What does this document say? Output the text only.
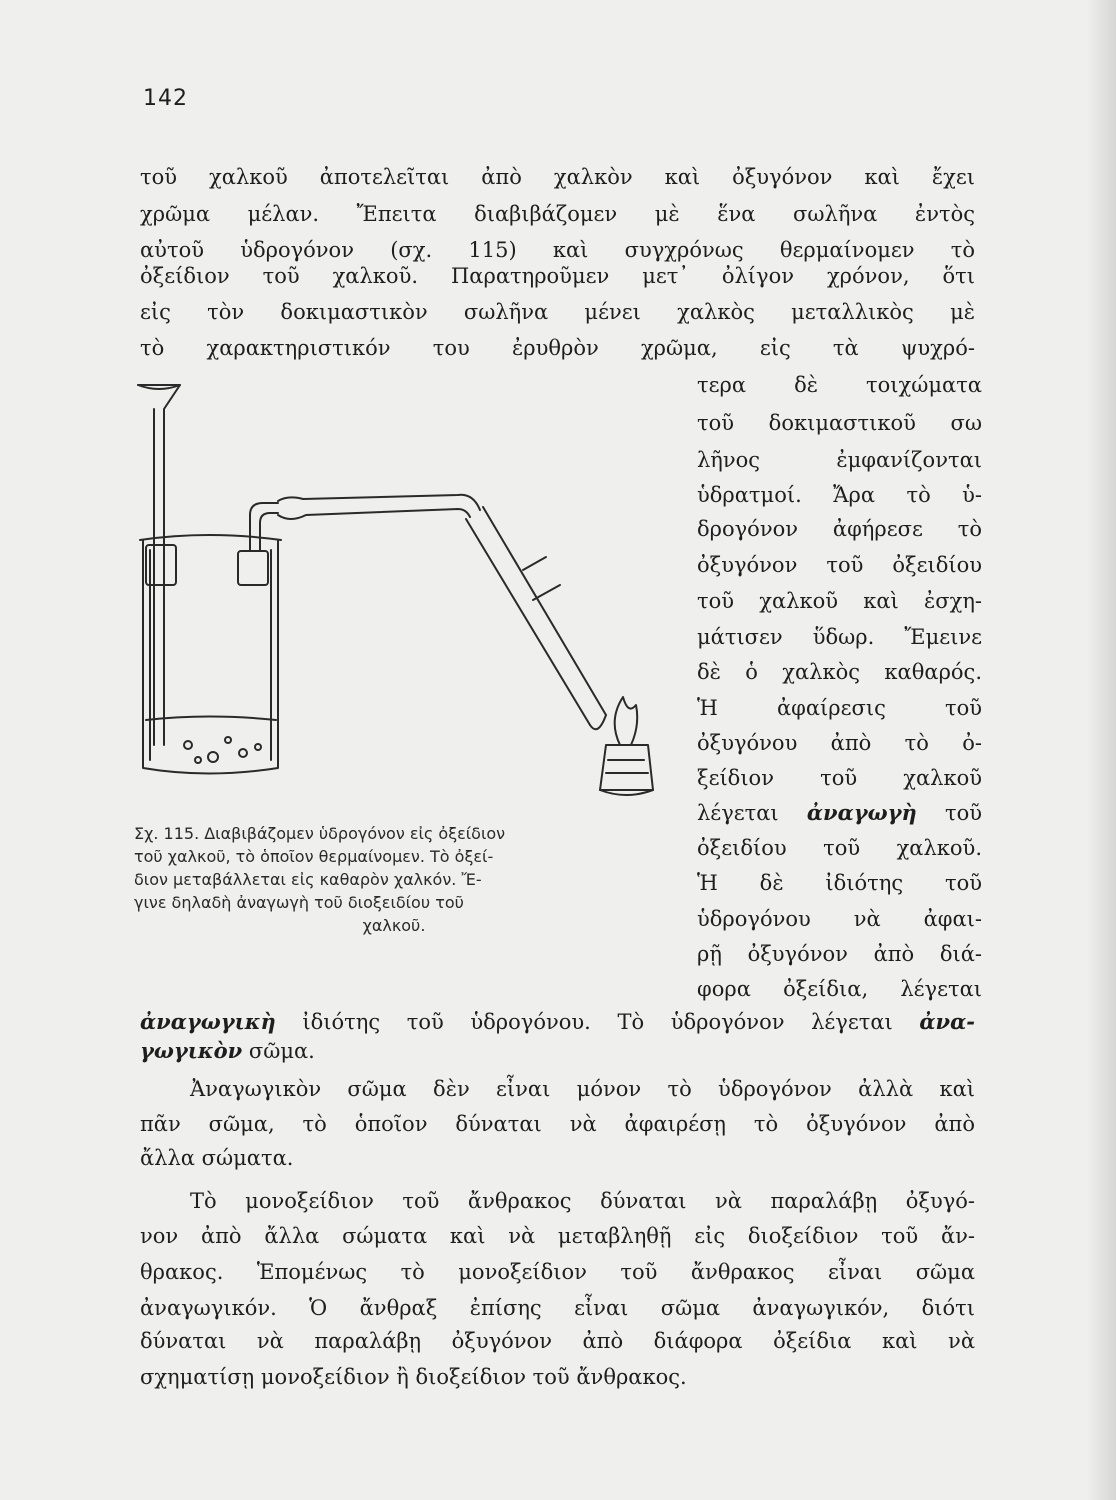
142
τοῦ χαλκοῦ ἀποτελεῖται ἀπὸ χαλκὸν καὶ ὀξυγόνον καὶ ἔχει
χρῶμα μέλαν. Ἔπειτα διαβιβάζομεν μὲ ἕνα σωλῆνα ἐντὸς
αὐτοῦ ὑδρογόνον (σχ. 115) καὶ συγχρόνως θερμαίνομεν τὸ
ὀξείδιον τοῦ χαλκοῦ. Παρατηροῦμεν μετ᾿ ὀλίγον χρόνον, ὅτι
εἰς τὸν δοκιμαστικὸν σωλῆνα μένει χαλκὸς μεταλλικὸς μὲ
τὸ χαρακτηριστικόν του ἐρυθρὸν χρῶμα, εἰς τὰ ψυχρό-
τερα δὲ τοιχώματα
τοῦ δοκιμαστικοῦ σω
λῆνος ἐμφανίζονται
ὑδρατμοί. Ἄρα τὸ ὑ-
δρογόνον ἀφήρεσε τὸ
ὀξυγόνον τοῦ ὀξειδίου
τοῦ χαλκοῦ καὶ ἐσχη-
μάτισεν ὕδωρ. Ἔμεινε
δὲ ὁ χαλκὸς καθαρός.
Ἡ ἀφαίρεσις τοῦ
ὀξυγόνου ἀπὸ τὸ ὀ-
ξείδιον τοῦ χαλκοῦ
λέγεται ἀναγωγὴ τοῦ
ὀξειδίου τοῦ χαλκοῦ.
Ἡ δὲ ἰδιότης τοῦ
ὑδρογόνου νὰ ἀφαι-
ρῇ ὀξυγόνον ἀπὸ διά-
φορα ὀξείδια, λέγεται
Σχ. 115. Διαβιβάζομεν ὑδρογόνον εἰς ὀξείδιον
τοῦ χαλκοῦ, τὸ ὁποῖον θερμαίνομεν. Τὸ ὀξεί-
διον μεταβάλλεται εἰς καθαρὸν χαλκόν. Ἔ-
γινε δηλαδὴ ἀναγωγὴ τοῦ διοξειδίου τοῦ
χαλκοῦ.
ἀναγωγικὴ ἰδιότης τοῦ ὑδρογόνου. Τὸ ὑδρογόνον λέγεται ἀνα-
γωγικὸν σῶμα.
Ἀναγωγικὸν σῶμα δὲν εἶναι μόνον τὸ ὑδρογόνον ἀλλὰ καὶ
πᾶν σῶμα, τὸ ὁποῖον δύναται νὰ ἀφαιρέσῃ τὸ ὀξυγόνον ἀπὸ
ἄλλα σώματα.
Τὸ μονοξείδιον τοῦ ἄνθρακος δύναται νὰ παραλάβῃ ὀξυγό-
νον ἀπὸ ἄλλα σώματα καὶ νὰ μεταβληθῇ εἰς διοξείδιον τοῦ ἄν-
θρακος. Ἑπομένως τὸ μονοξείδιον τοῦ ἄνθρακος εἶναι σῶμα
ἀναγωγικόν. Ὁ ἄνθραξ ἐπίσης εἶναι σῶμα ἀναγωγικόν, διότι
δύναται νὰ παραλάβῃ ὀξυγόνον ἀπὸ διάφορα ὀξείδια καὶ νὰ
σχηματίσῃ μονοξείδιον ἢ διοξείδιον τοῦ ἄνθρακος.
